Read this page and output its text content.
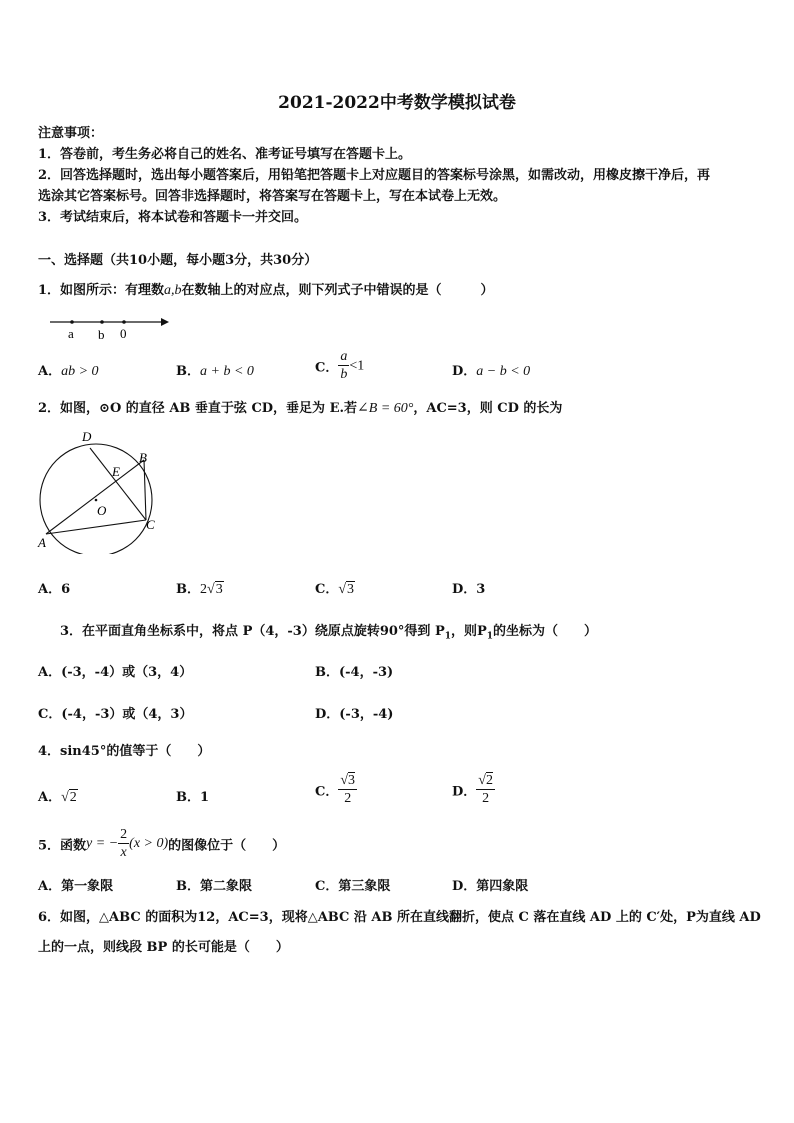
2021-2022中考数学模拟试卷
注意事项：
1．答卷前，考生务必将自己的姓名、准考证号填写在答题卡上。
2．回答选择题时，选出每小题答案后，用铅笔把答题卡上对应题目的答案标号涂黑，如需改动，用橡皮擦干净后，再
选涂其它答案标号。回答非选择题时，将答案写在答题卡上，写在本试卷上无效。
3．考试结束后，将本试卷和答题卡一并交回。
一、选择题（共10小题，每小题3分，共30分）
1．如图所示：有理数a,b在数轴上的对应点，则下列式子中错误的是（　　　）
a b 0
A．ab > 0	B．a + b < 0	C． $\frac{a}{b} <1$	D．a − b < 0
2．如图，⊙O 的直径 AB 垂直于弦 CD，垂足为 E.若∠B = 60°，AC=3，则 CD 的长为
D
B
E
O
C
A
A．6	B．2√3	C．√3	D．3
3．在平面直角坐标系中，将点 P（4，-3）绕原点旋转90°得到 $P_1$，则$P_1$的坐标为（　　）
A．(-3，-4）或（3，4）	B．(-4，-3)
C．(-4，-3）或（4，3）	D．(-3，-4)
4．sin45°的值等于（　　）
A．√2	B．1	C． $\frac{√3}{2}$	D． $\frac{√2}{2}$
5．函数y = − $\frac{2}{x} (x > 0)$的图像位于（　　）
A．第一象限	B．第二象限	C．第三象限	D．第四象限
6．如图，△ABC 的面积为12，AC=3，现将△ABC 沿 AB 所在直线翻折，使点 C 落在直线 AD 上的 C′处，P为直线 AD
上的一点，则线段 BP 的长可能是（　　）
